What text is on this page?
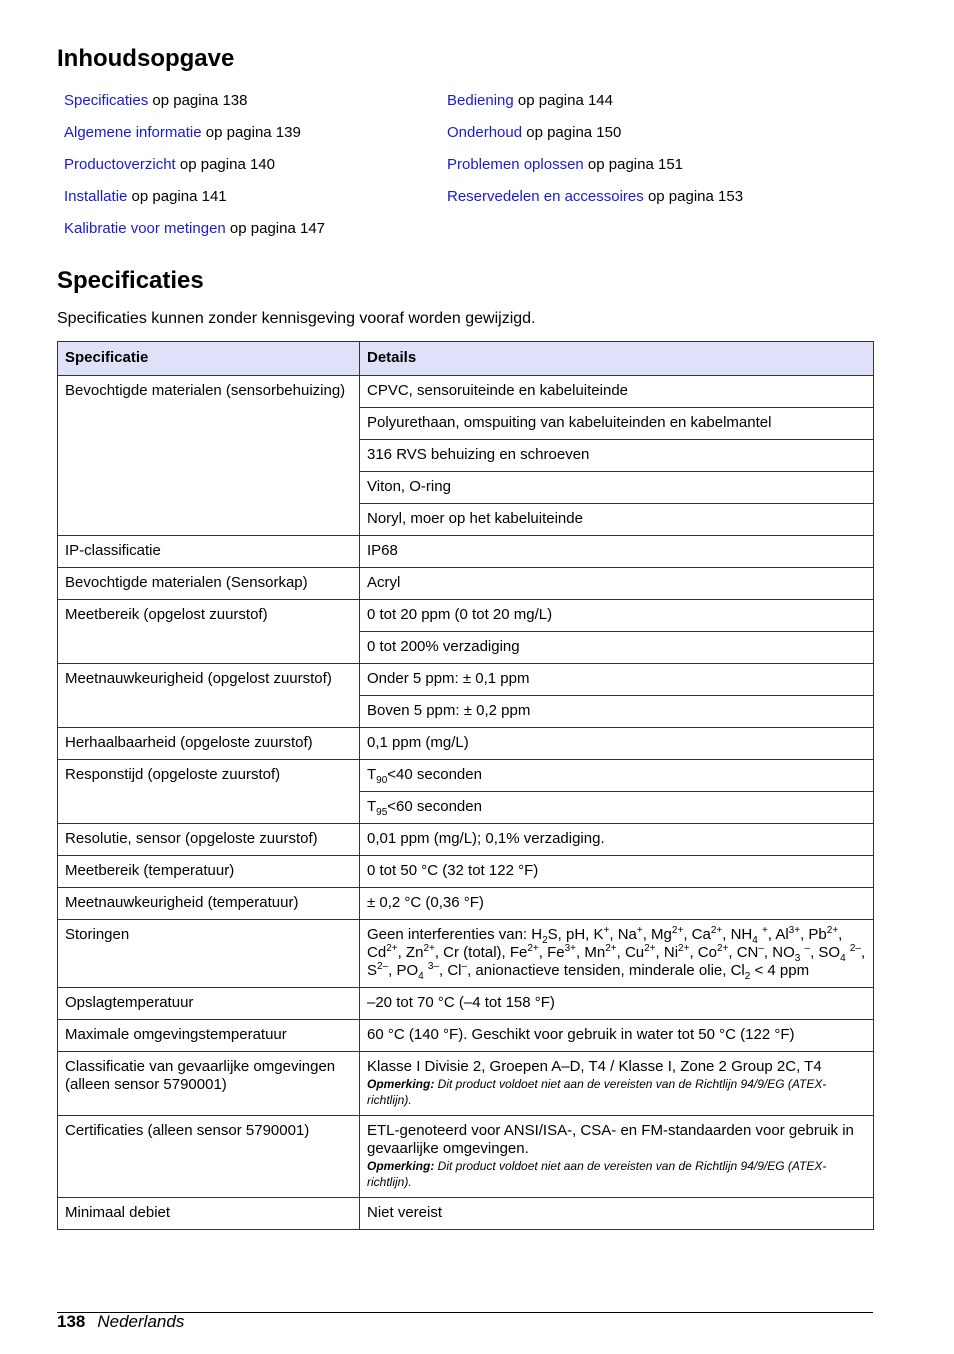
Inhoudsopgave
Specificaties op pagina 138
Algemene informatie op pagina 139
Productoverzicht op pagina 140
Installatie op pagina 141
Kalibratie voor metingen op pagina 147
Bediening op pagina 144
Onderhoud op pagina 150
Problemen oplossen op pagina 151
Reservedelen en accessoires op pagina 153
Specificaties

Specificaties kunnen zonder kennisgeving vooraf worden gewijzigd.

Specificatie	Details
Bevochtigde materialen (sensorbehuizing)	CPVC, sensoruiteinde en kabeluiteinde
	Polyurethaan, omspuiting van kabeluiteinden en kabelmantel
	316 RVS behuizing en schroeven
	Viton, O-ring
	Noryl, moer op het kabeluiteinde
IP-classificatie	IP68
Bevochtigde materialen (Sensorkap)	Acryl
Meetbereik (opgelost zuurstof)	0 tot 20 ppm (0 tot 20 mg/L)
	0 tot 200% verzadiging
Meetnauwkeurigheid (opgelost zuurstof)	Onder 5 ppm: ± 0,1 ppm
	Boven 5 ppm: ± 0,2 ppm
Herhaalbaarheid (opgeloste zuurstof)	0,1 ppm (mg/L)
Responstijd (opgeloste zuurstof)	$T_{90}<40$ seconden
	$T_{95}<60$ seconden
Resolutie, sensor (opgeloste zuurstof)	0,01 ppm (mg/L); 0,1% verzadiging.
Meetbereik (temperatuur)	0 tot 50 °C (32 tot 122 °F)
Meetnauwkeurigheid (temperatuur)	± 0,2 °C (0,36 °F)
Storingen	Geen interferenties van: $H_2S$, pH, K+, Na+, $Mg^{2+}$, $Ca^{2+}$, $NH_4$ +, $Al^{3+}$, $Pb^{2+}$, $Cd^{2+}$, $Zn^{2+}$, Cr (total), $Fe^{2+}$, $Fe^{3+}$, $Mn^{2+}$, $Cu^{2+}$, $Ni^{2+}$, $Co^{2+}$, CN–, $NO_3$ –, $SO_4$ $^{2-}$, $S^{2-}$, $PO_4$ $^{3-}$, Cl–, anionactieve tensiden, minderale olie, $Cl_2 < 4$ ppm
Opslagtemperatuur	–20 tot 70 °C (–4 tot 158 °F)
Maximale omgevingstemperatuur	60 °C (140 °F). Geschikt voor gebruik in water tot 50 °C (122 °F)
Classificatie van gevaarlijke omgevingen (alleen sensor 5790001)	Klasse I Divisie 2, Groepen A–D, T4 / Klasse I, Zone 2 Group 2C, T4
Opmerking: Dit product voldoet niet aan de vereisten van de Richtlijn 94/9/EG (ATEX-richtlijn).

Certificaties (alleen sensor 5790001)	ETL-genoteerd voor ANSI/ISA-, CSA- en FM-standaarden voor gebruik in gevaarlijke omgevingen.
Opmerking: Dit product voldoet niet aan de vereisten van de Richtlijn 94/9/EG (ATEX-richtlijn).

Minimaal debiet	Niet vereist
138 Nederlands
